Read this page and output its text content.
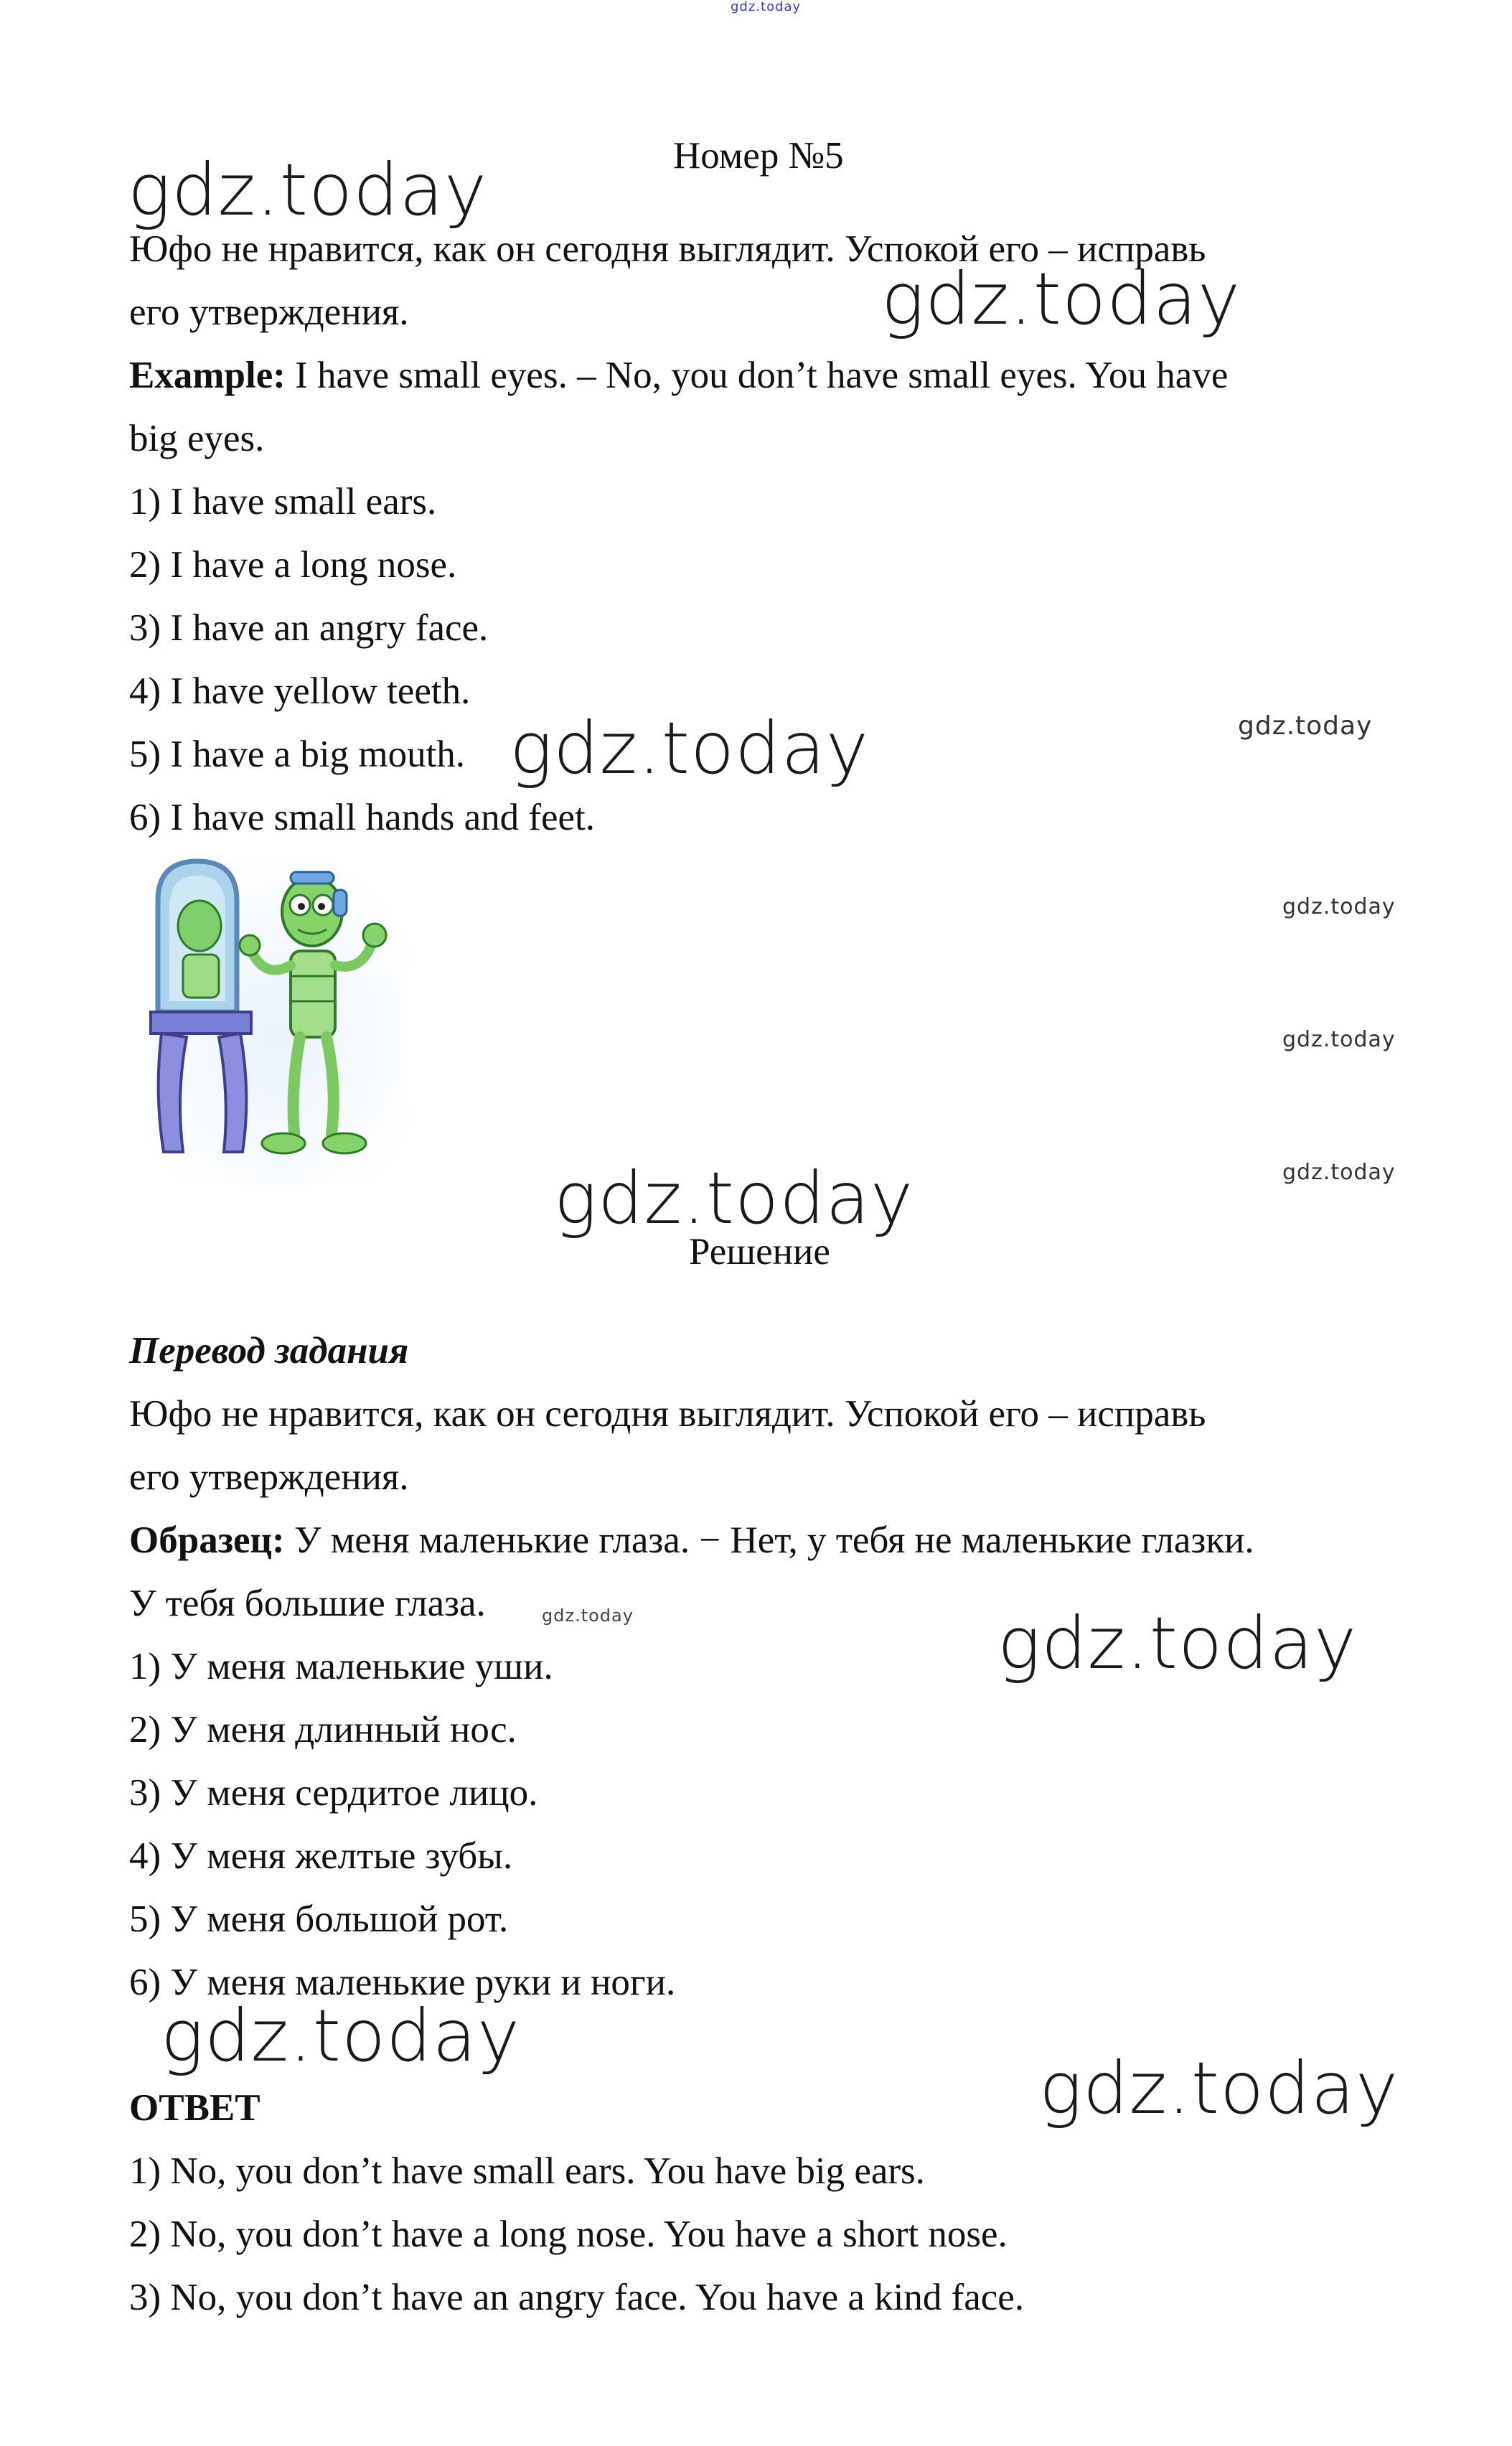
gdz.today
Номер №5
gdz.today
gdz.today
gdz.today
gdz.today
gdz.today
gdz.today
gdz.today
gdz.today
gdz.today
gdz.today
gdz.today
gdz.today
Юфо не нравится, как он сегодня выглядит. Успокой его – исправь
его утверждения.
Example: I have small eyes. – No, you don’t have small eyes. You have
big eyes.
1) I have small ears.
2) I have a long nose.
3) I have an angry face.
4) I have yellow teeth.
5) I have a big mouth.
6) I have small hands and feet.
Решение
Перевод задания
Юфо не нравится, как он сегодня выглядит. Успокой его – исправь
его утверждения.
Образец: У меня маленькие глаза. − Нет, у тебя не маленькие глазки.
У тебя большие глаза.
1) У меня маленькие уши.
2) У меня длинный нос.
3) У меня сердитое лицо.
4) У меня желтые зубы.
5) У меня большой рот.
6) У меня маленькие руки и ноги.
ОТВЕТ
1) No, you don’t have small ears. You have big ears.
2) No, you don’t have a long nose. You have a short nose.
3) No, you don’t have an angry face. You have a kind face.
